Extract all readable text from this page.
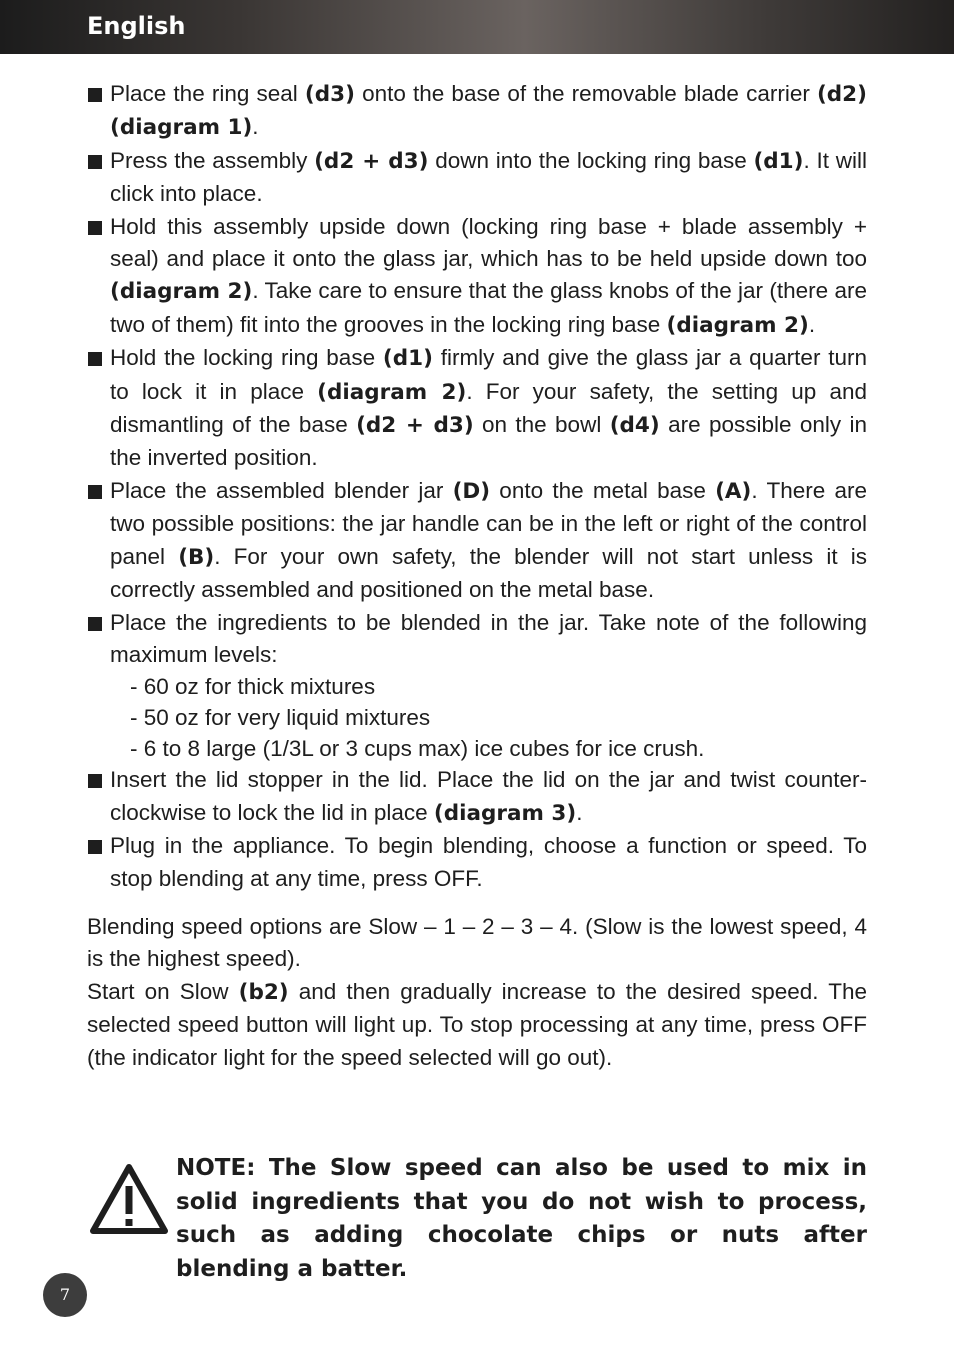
English
Place the ring seal (d3) onto the base of the removable blade carrier (d2) (diagram 1).
Press the assembly (d2 + d3) down into the locking ring base (d1). It will click into place.
Hold this assembly upside down (locking ring base + blade assembly + seal) and place it onto the glass jar, which has to be held upside down too (diagram 2). Take care to ensure that the glass knobs of the jar (there are two of them) fit into the grooves in the locking ring base (diagram 2).
Hold the locking ring base (d1) firmly and give the glass jar a quarter turn to lock it in place (diagram 2). For your safety, the setting up and dismantling of the base (d2 + d3) on the bowl (d4) are possible only in the inverted position.
Place the assembled blender jar (D) onto the metal base (A). There are two possible positions: the jar handle can be in the left or right of the control panel (B). For your own safety, the blender will not start unless it is correctly assembled and positioned on the metal base.
Place the ingredients to be blended in the jar. Take note of the following maximum levels:
- 60 oz for thick mixtures
- 50 oz for very liquid mixtures
- 6 to 8 large (1/3L or 3 cups max) ice cubes for ice crush.
Insert the lid stopper in the lid. Place the lid on the jar and twist counter-clockwise to lock the lid in place (diagram 3).
Plug in the appliance. To begin blending, choose a function or speed. To stop blending at any time, press OFF.

Blending speed options are Slow – 1 – 2 – 3 – 4. (Slow is the lowest speed, 4 is the highest speed).

Start on Slow (b2) and then gradually increase to the desired speed. The selected speed button will light up. To stop processing at any time, press OFF (the indicator light for the speed selected will go out).

NOTE: The Slow speed can also be used to mix in solid ingredients that you do not wish to process, such as adding chocolate chips or nuts after blending a batter.
7
